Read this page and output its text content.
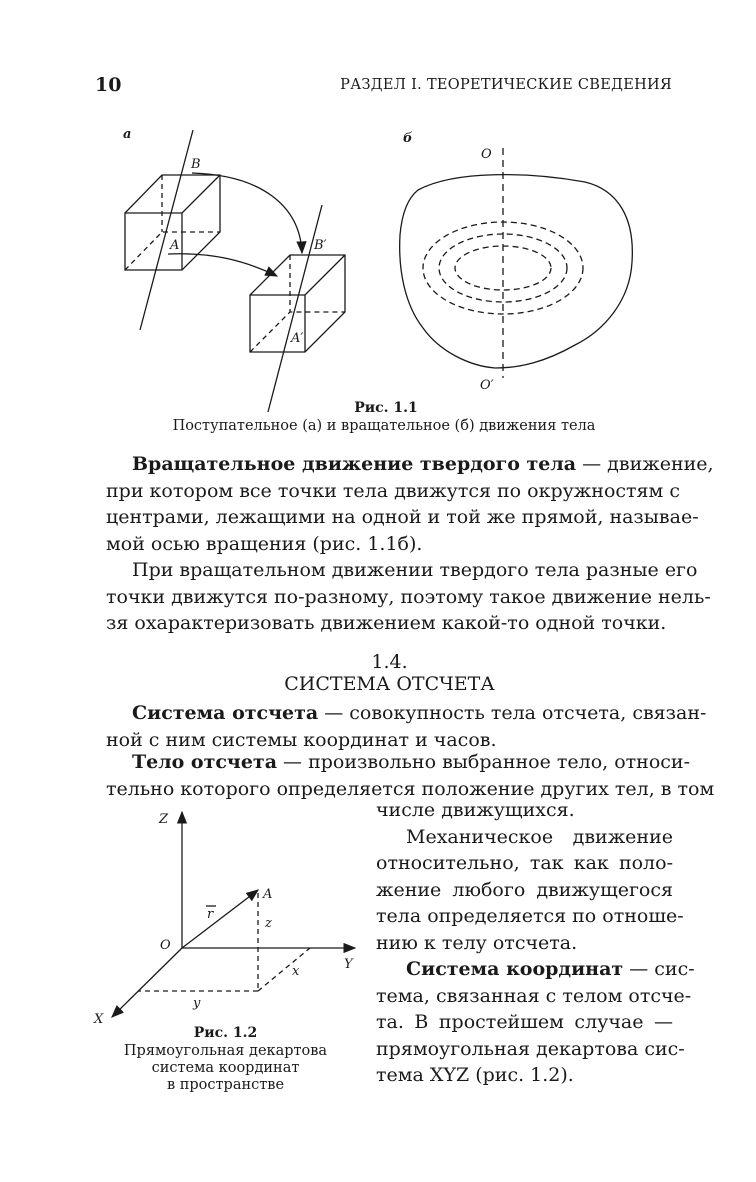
10	РАЗДЕЛ I. ТЕОРЕТИЧЕСКИЕ СВЕДЕНИЯ
а	б
B
A	B′
A′
O
O′
Рис. 1.1
Поступательное (а) и вращательное (б) движения тела
Вращательное движение твердого тела — движение,
при котором все точки тела движутся по окружностям с
центрами, лежащими на одной и той же прямой, называе-
мой осью вращения (рис. 1.1б).
При вращательном движении твердого тела разные его
точки движутся по-разному, поэтому такое движение нель-
зя охарактеризовать движением какой-то одной точки.
1.4.
СИСТЕМА ОТСЧЕТА
Система отсчета — совокупность тела отсчета, связан-
ной с ним системы координат и часов.
Тело отсчета — произвольно выбранное тело, относи-
тельно которого определяется положение других тел, в том
числе движущихся.
Механическое движение
относительно, так как поло-
жение любого движущегося
тела определяется по отноше-
нию к телу отсчета.
Система координат — сис-
тема, связанная с телом отсче-
та. В простейшем случае —
прямоугольная декартова сис-
тема XYZ (рис. 1.2).
Z
Y
X
O
A
r
z
x
y
Рис. 1.2
Прямоугольная декартова
система координат
в пространстве
